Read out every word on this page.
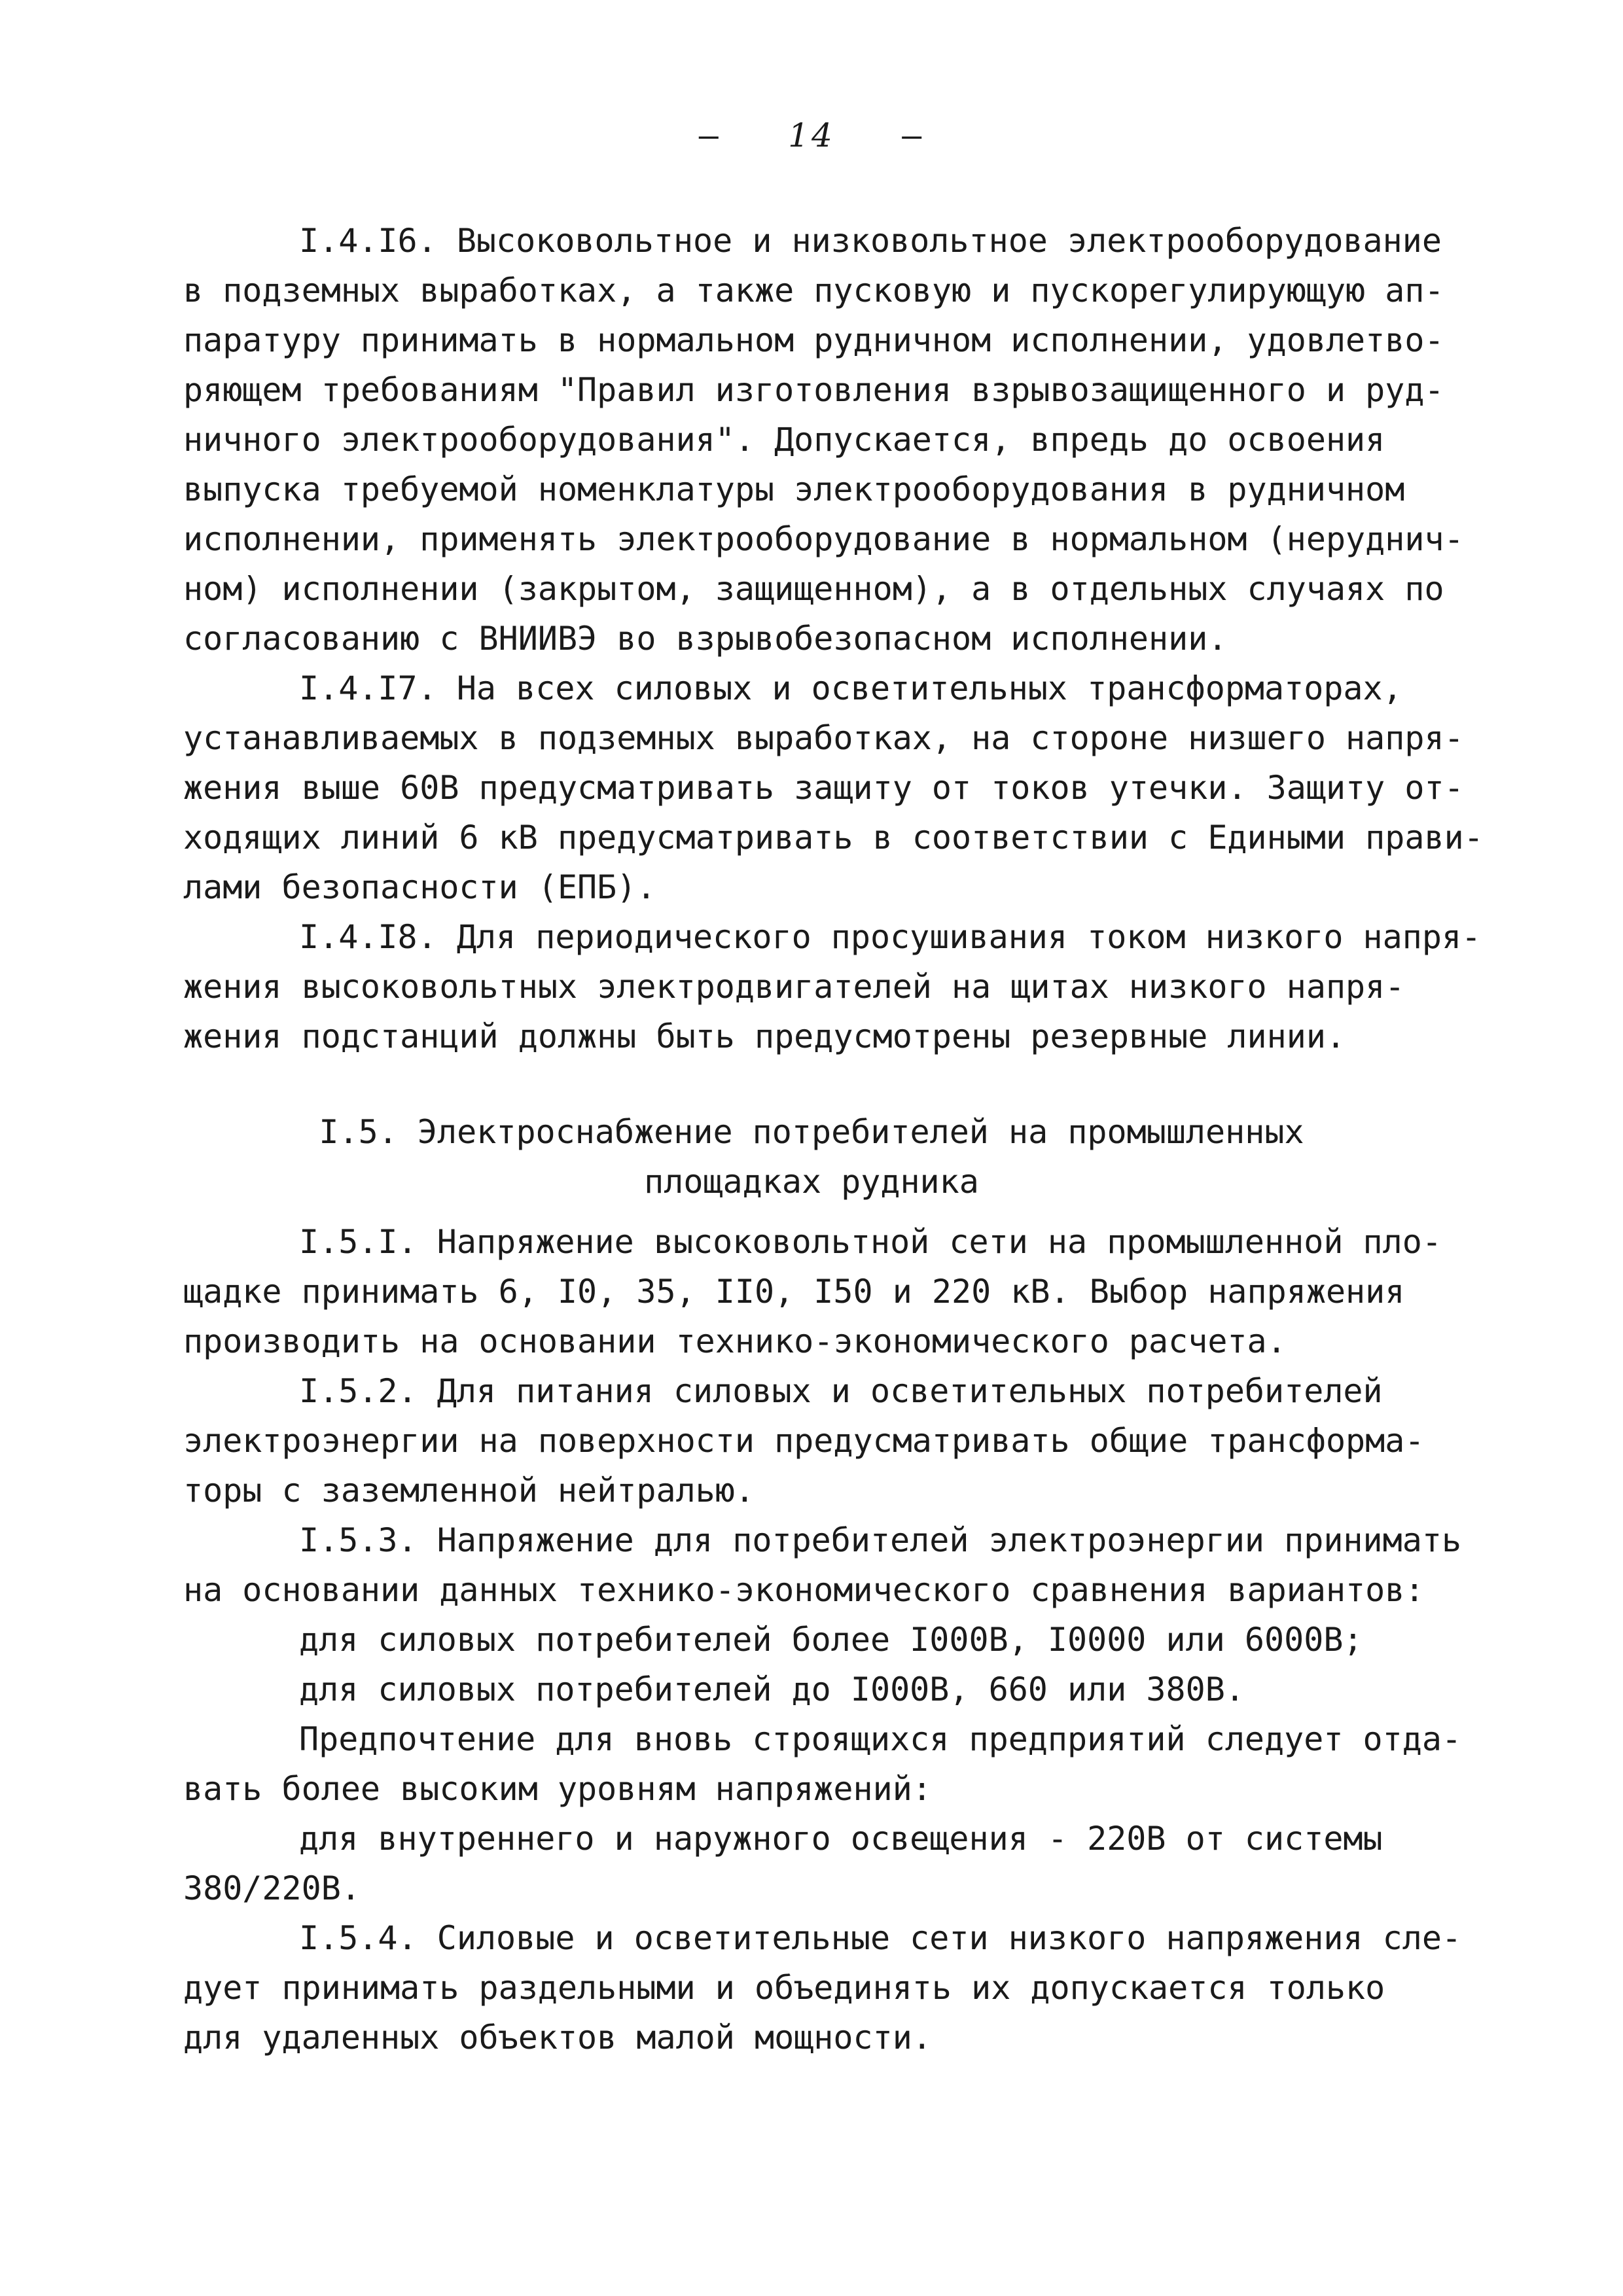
–   14   –
I.4.I6. Высоковольтное и низковольтное электрооборудование
в подземных выработках, а также пусковую и пускорегулирующую ап-
паратуру принимать в нормальном рудничном исполнении, удовлетво-
ряющем требованиям "Правил изготовления взрывозащищенного и руд-
ничного электрооборудования". Допускается, впредь до освоения
выпуска требуемой номенклатуры электрооборудования в рудничном
исполнении, применять электрооборудование в нормальном (неруднич-
ном) исполнении (закрытом, защищенном), а в отдельных случаях по
согласованию с ВНИИВЭ во взрывобезопасном исполнении.
I.4.I7. На всех силовых и осветительных трансформаторах,
устанавливаемых в подземных выработках, на стороне низшего напря-
жения выше 60В предусматривать защиту от токов утечки. Защиту от-
ходящих линий 6 кВ предусматривать в соответствии с Едиными прави-
лами безопасности (ЕПБ).
I.4.I8. Для периодического просушивания током низкого напря-
жения высоковольтных электродвигателей на щитах низкого напря-
жения подстанций должны быть предусмотрены резервные линии.
I.5. Электроснабжение потребителей на промышленных
площадках рудника
I.5.I. Напряжение высоковольтной сети на промышленной пло-
щадке принимать 6, I0, 35, II0, I50 и 220 кВ. Выбор напряжения
производить на основании технико-экономического расчета.
I.5.2. Для питания силовых и осветительных потребителей
электроэнергии на поверхности предусматривать общие трансформа-
торы с заземленной нейтралью.
I.5.3. Напряжение для потребителей электроэнергии принимать
на основании данных технико-экономического сравнения вариантов:
для силовых потребителей более I000В, I0000 или 6000В;
для силовых потребителей до I000В, 660 или 380В.
Предпочтение для вновь строящихся предприятий следует отда-
вать более высоким уровням напряжений:
для внутреннего и наружного освещения - 220В от системы
380/220В.
I.5.4. Силовые и осветительные сети низкого напряжения сле-
дует принимать раздельными и объединять их допускается только
для удаленных объектов малой мощности.
